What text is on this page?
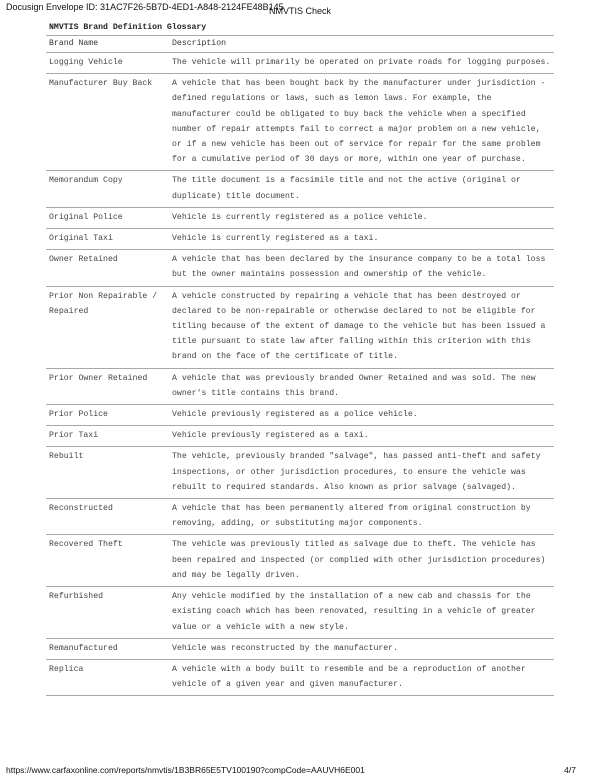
Docusign Envelope ID: 31AC7F26-5B7D-4ED1-A848-2124FE48B145
NMVTIS Check
NMVTIS Brand Definition Glossary	
Brand Name	Description
Logging Vehicle	The vehicle will primarily be operated on private roads for logging purposes.
Manufacturer Buy Back	A vehicle that has been bought back by the manufacturer under jurisdiction -defined regulations or laws, such as lemon laws. For example, the manufacturer could be obligated to buy back the vehicle when a specified number of repair attempts fail to correct a major problem on a new vehicle, or if a new vehicle has been out of service for repair for the same problem for a cumulative period of 30 days or more, within one year of purchase.
Memorandum Copy	The title document is a facsimile title and not the active (original or duplicate) title document.
Original Police	Vehicle is currently registered as a police vehicle.
Original Taxi	Vehicle is currently registered as a taxi.
Owner Retained	A vehicle that has been declared by the insurance company to be a total loss but the owner maintains possession and ownership of the vehicle.
Prior Non Repairable / Repaired	A vehicle constructed by repairing a vehicle that has been destroyed or declared to be non-repairable or otherwise declared to not be eligible for titling because of the extent of damage to the vehicle but has been issued a title pursuant to state law after falling within this criterion with this brand on the face of the certificate of title.
Prior Owner Retained	A vehicle that was previously branded Owner Retained and was sold. The new owner's title contains this brand.
Prior Police	Vehicle previously registered as a police vehicle.
Prior Taxi	Vehicle previously registered as a taxi.
Rebuilt	The vehicle, previously branded "salvage", has passed anti-theft and safety inspections, or other jurisdiction procedures, to ensure the vehicle was rebuilt to required standards. Also known as prior salvage (salvaged).
Reconstructed	A vehicle that has been permanently altered from original construction by removing, adding, or substituting major components.
Recovered Theft	The vehicle was previously titled as salvage due to theft. The vehicle has been repaired and inspected (or complied with other jurisdiction procedures) and may be legally driven.
Refurbished	Any vehicle modified by the installation of a new cab and chassis for the existing coach which has been renovated, resulting in a vehicle of greater value or a vehicle with a new style.
Remanufactured	Vehicle was reconstructed by the manufacturer.
Replica	A vehicle with a body built to resemble and be a reproduction of another vehicle of a given year and given manufacturer.
https://www.carfaxonline.com/reports/nmvtis/1B3BR65E5TV100190?compCode=AAUVH6E001	4/7
